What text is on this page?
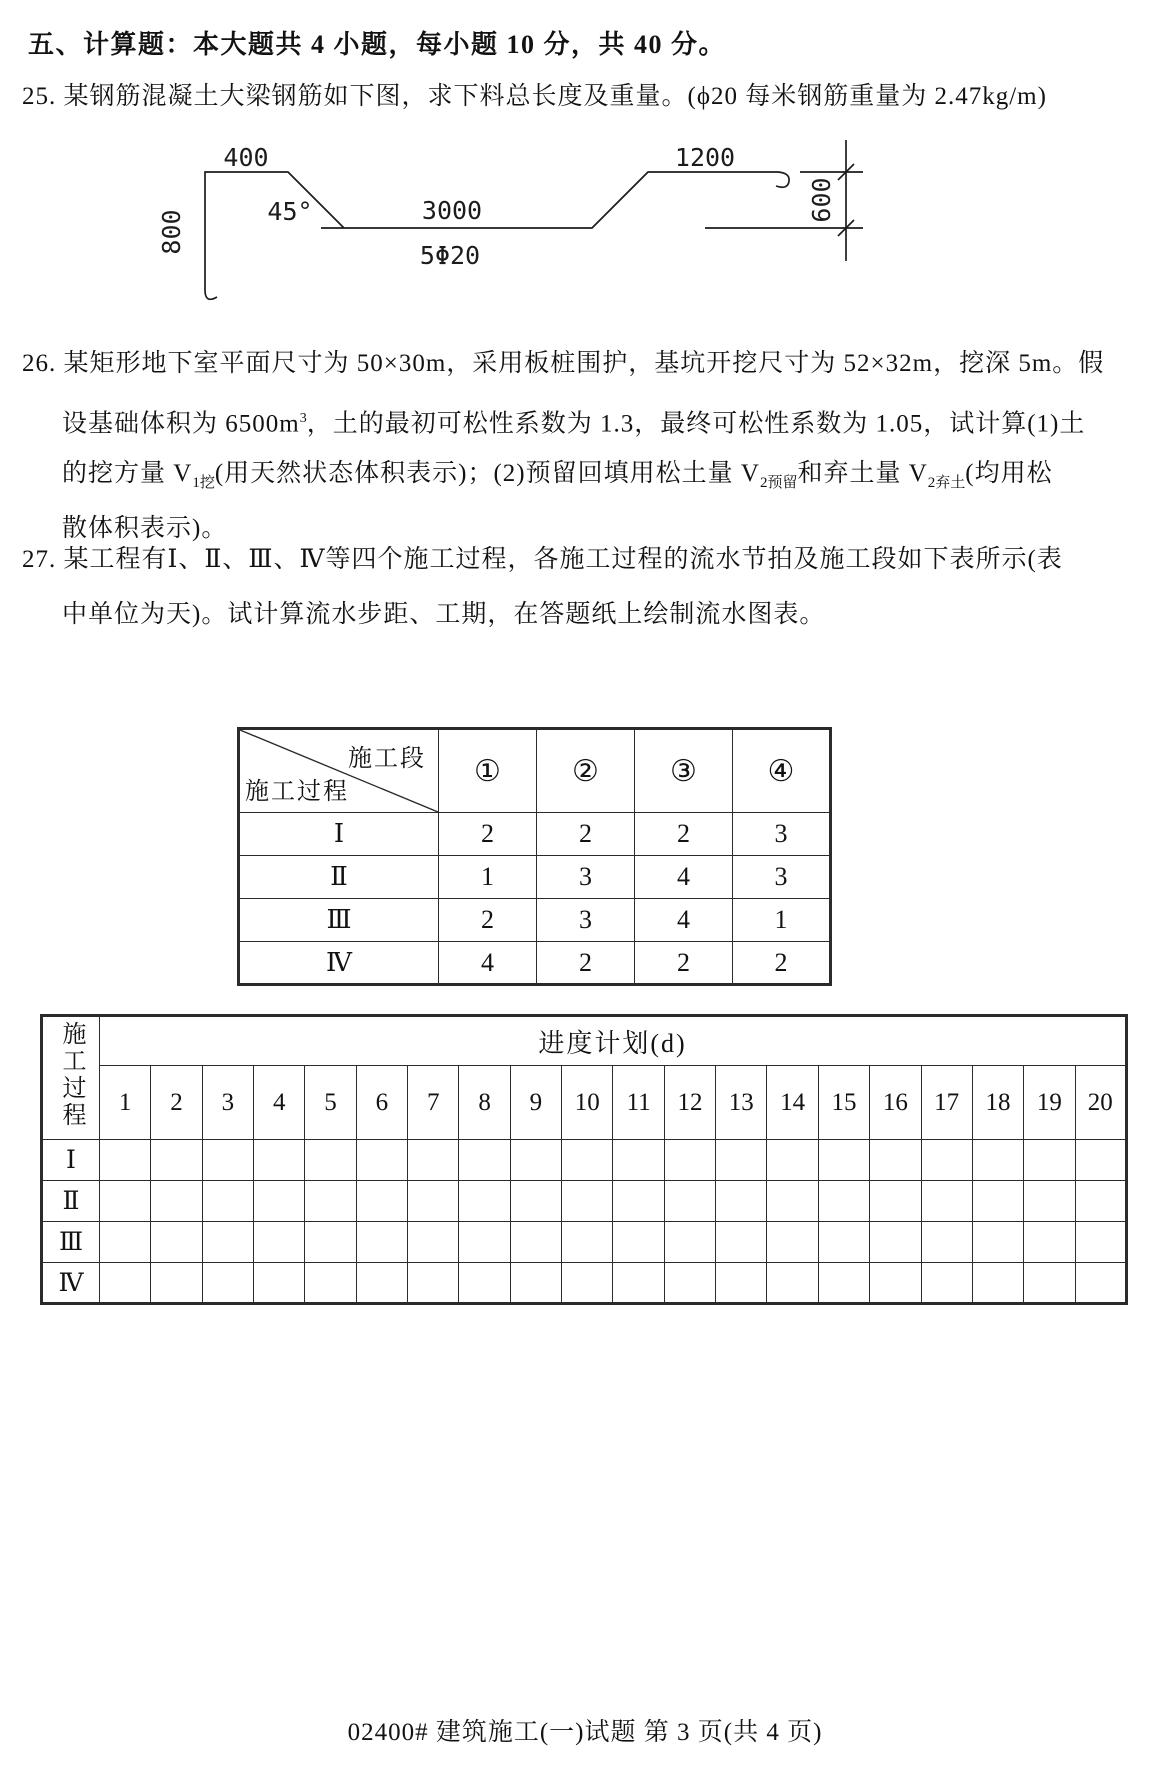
五、计算题：本大题共 4 小题，每小题 10 分，共 40 分。
25. 某钢筋混凝土大梁钢筋如下图，求下料总长度及重量。(ϕ20 每米钢筋重量为 2.47kg/m)
400	1200
800	45°	3000
5Φ20
600
26. 某矩形地下室平面尺寸为 50×30m，采用板桩围护，基坑开挖尺寸为 52×32m，挖深 5m。假
设基础体积为 $6500m^3$，土的最初可松性系数为 1.3，最终可松性系数为 1.05，试计算(1)土
的挖方量 $V_{1挖}$(用天然状态体积表示)；(2)预留回填用松土量 $V_{2预留}$和弃土量 $V_{2弃土}$(均用松
散体积表示)。
27. 某工程有Ⅰ、Ⅱ、Ⅲ、Ⅳ等四个施工过程，各施工过程的流水节拍及施工段如下表所示(表
中单位为天)。试计算流水步距、工期，在答题纸上绘制流水图表。
施工段
施工过程	①	②	③	④
Ⅰ	2	2	2	3
Ⅱ	1	3	4	3
Ⅲ	2	3	4	1
Ⅳ	4	2	2	2
施工过程	进度计划(d)																			
	1	2	3	4	5	6	7	8	9	10	11	12	13	14	15	16	17	18	19	20
Ⅰ																				
Ⅱ																				
Ⅲ																				
Ⅳ																				
02400# 建筑施工(一)试题 第 3 页(共 4 页)
